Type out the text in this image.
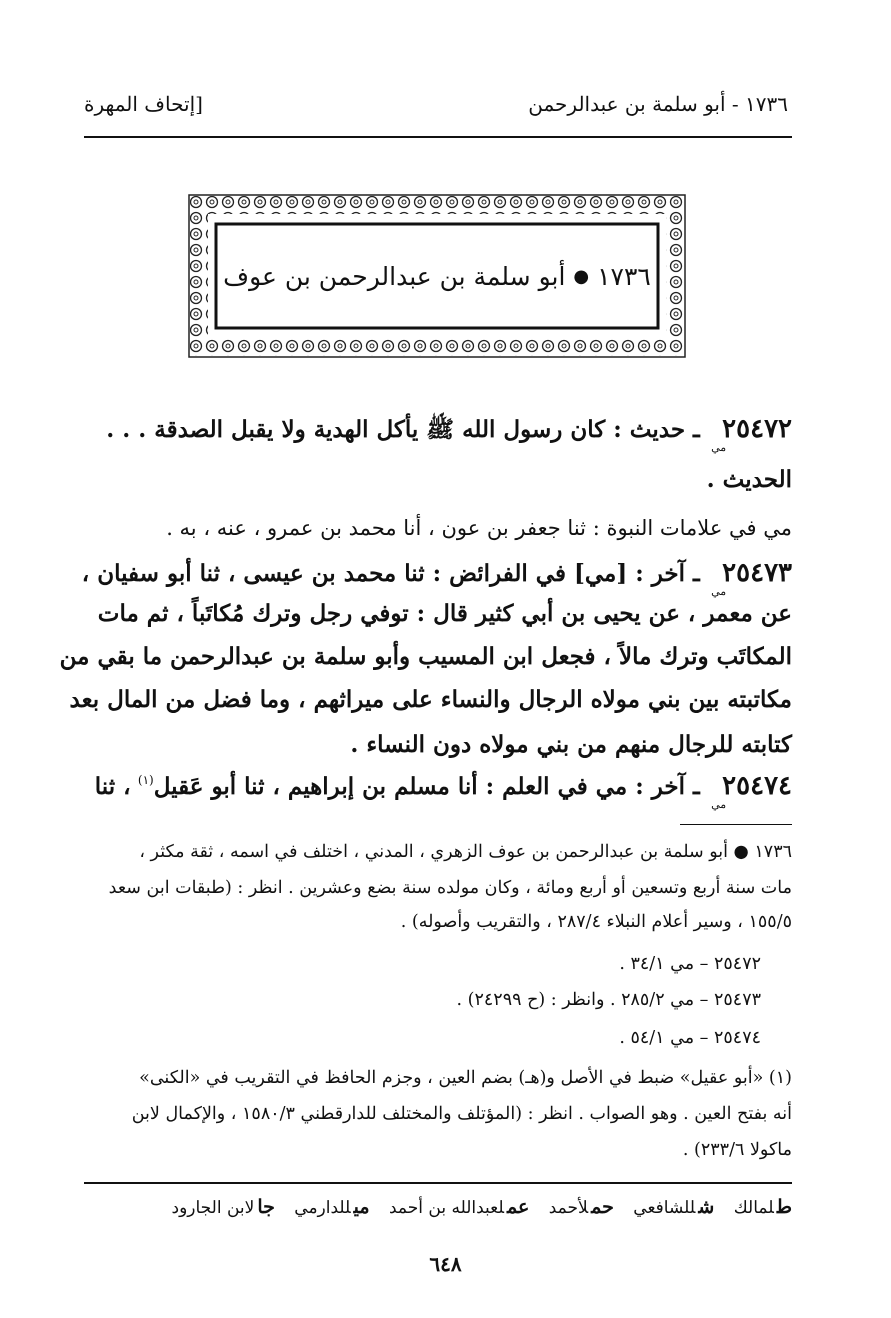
١٧٣٦ - أبو سلمة بن عبدالرحمن
[إتحاف المهرة
١٧٣٦
●
أبو سلمة بن عبدالرحمن بن عوف
$٢٥٤٧٢_{مي}$ ـ حديث : كان رسول الله ﷺ يأكل الهدية ولا يقبل الصدقة . . .
الحديث .
مي في علامات النبوة : ثنا جعفر بن عون ، أنا محمد بن عمرو ، عنه ، به .
$٢٥٤٧٣_{مي}$ ـ آخر : [مي] في الفرائض : ثنا محمد بن عيسى ، ثنا أبو سفيان ،
عن معمر ، عن يحيى بن أبي كثير قال : توفي رجل وترك مُكاتَباً ، ثم مات
المكاتَب وترك مالاً ، فجعل ابن المسيب وأبو سلمة بن عبدالرحمن ما بقي من
مكاتبته بين بني مولاه الرجال والنساء على ميراثهم ، وما فضل من المال بعد
كتابته للرجال منهم من بني مولاه دون النساء .
$٢٥٤٧٤_{مي}$ ـ آخر : مي في العلم : أنا مسلم بن إبراهيم ، ثنا أبو عَقيل$^{(١)}$ ، ثنا
١٧٣٦ ● أبو سلمة بن عبدالرحمن بن عوف الزهري ، المدني ، اختلف في اسمه ، ثقة مكثر ،
مات سنة أربع وتسعين أو أربع ومائة ، وكان مولده سنة بضع وعشرين . انظر : (طبقات ابن سعد
١٥٥/٥ ، وسير أعلام النبلاء ٢٨٧/٤ ، والتقريب وأصوله) .
٢٥٤٧٢ – مي ٣٤/١ .
٢٥٤٧٣ – مي ٢٨٥/٢ . وانظر : (ح ٢٤٢٩٩) .
٢٥٤٧٤ – مي ٥٤/١ .
(١) «أبو عقيل» ضبط في الأصل و(هـ) بضم العين ، وجزم الحافظ في التقريب في «الكنى»
أنه بفتح العين . وهو الصواب . انظر : (المؤتلف والمختلف للدارقطني ١٥٨٠/٣ ، والإكمال لابن
ماكولا ٢٣٣/٦) .
طلمالك شللشافعي حملأحمد عملعبدالله بن أحمد ميللدارمي جالابن الجارود
٦٤٨
